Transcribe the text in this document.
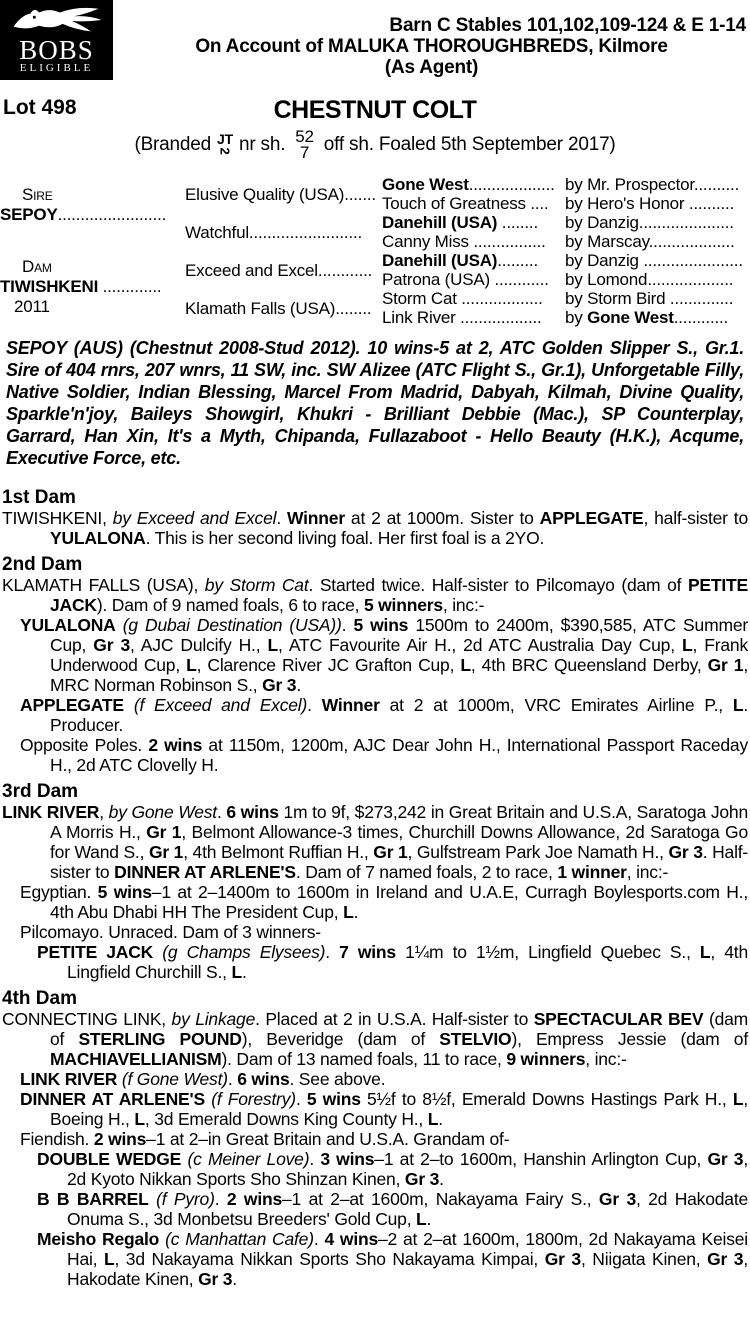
BOBS
ELIGIBLE
Barn C Stables 101,102,109-124 & E 1-14
On Account of MALUKA THOROUGHBREDS, Kilmore
(As Agent)
Lot 498	CHESTNUT COLT
(Branded JT
2 nr sh. 52
7 off sh. Foaled 5th September 2017)
Sire
SEPOY........................
Dam
TIWISHKENI .............
2011
Elusive Quality (USA) .......
Watchful .........................
Exceed and Excel ............
Klamath Falls (USA) ........
Gone West...................
Touch of Greatness ....
Danehill (USA) ........
Canny Miss ................
Danehill (USA).........
Patrona (USA) ............
Storm Cat ..................
Link River ..................
by Mr. Prospector..........
by Hero's Honor ..........
by Danzig.....................
by Marscay...................
by Danzig ......................
by Lomond...................
by Storm Bird ..............
by Gone West............

SEPOY (AUS) (Chestnut 2008-Stud 2012). 10 wins-5 at 2, ATC Golden Slipper S., Gr.1. Sire of 404 rnrs, 207 wnrs, 11 SW, inc. SW Alizee (ATC Flight S., Gr.1), Unforgetable Filly, Native Soldier, Indian Blessing, Marcel From Madrid, Dabyah, Kilmah, Divine Quality, Sparkle'n'joy, Baileys Showgirl, Khukri - Brilliant Debbie (Mac.), SP Counterplay, Garrard, Han Xin, It's a Myth, Chipanda, Fullazaboot - Hello Beauty (H.K.), Acqume, Executive Force, etc.

1st Dam

TIWISHKENI, by Exceed and Excel. Winner at 2 at 1000m. Sister to APPLEGATE, half-sister to YULALONA. This is her second living foal. Her first foal is a 2YO.

2nd Dam

KLAMATH FALLS (USA), by Storm Cat. Started twice. Half-sister to Pilcomayo (dam of PETITE JACK). Dam of 9 named foals, 6 to race, 5 winners, inc:-

YULALONA (g Dubai Destination (USA)). 5 wins 1500m to 2400m, $390,585, ATC Summer Cup, Gr 3, AJC Dulcify H., L, ATC Favourite Air H., 2d ATC Australia Day Cup, L, Frank Underwood Cup, L, Clarence River JC Grafton Cup, L, 4th BRC Queensland Derby, Gr 1, MRC Norman Robinson S., Gr 3.

APPLEGATE (f Exceed and Excel). Winner at 2 at 1000m, VRC Emirates Airline P., L. Producer.

Opposite Poles. 2 wins at 1150m, 1200m, AJC Dear John H., International Passport Raceday H., 2d ATC Clovelly H.

3rd Dam

LINK RIVER, by Gone West. 6 wins 1m to 9f, $273,242 in Great Britain and U.S.A, Saratoga John A Morris H., Gr 1, Belmont Allowance-3 times, Churchill Downs Allowance, 2d Saratoga Go for Wand S., Gr 1, 4th Belmont Ruffian H., Gr 1, Gulfstream Park Joe Namath H., Gr 3. Half-sister to DINNER AT ARLENE'S. Dam of 7 named foals, 2 to race, 1 winner, inc:-

Egyptian. 5 wins–1 at 2–1400m to 1600m in Ireland and U.A.E, Curragh Boylesports.com H., 4th Abu Dhabi HH The President Cup, L.

Pilcomayo. Unraced. Dam of 3 winners-

PETITE JACK (g Champs Elysees). 7 wins 1¼m to 1½m, Lingfield Quebec S., L, 4th Lingfield Churchill S., L.

4th Dam

CONNECTING LINK, by Linkage. Placed at 2 in U.S.A. Half-sister to SPECTACULAR BEV (dam of STERLING POUND), Beveridge (dam of STELVIO), Empress Jessie (dam of MACHIAVELLIANISM). Dam of 13 named foals, 11 to race, 9 winners, inc:-

LINK RIVER (f Gone West). 6 wins. See above.

DINNER AT ARLENE'S (f Forestry). 5 wins 5½f to 8½f, Emerald Downs Hastings Park H., L, Boeing H., L, 3d Emerald Downs King County H., L.

Fiendish. 2 wins–1 at 2–in Great Britain and U.S.A. Grandam of-

DOUBLE WEDGE (c Meiner Love). 3 wins–1 at 2–to 1600m, Hanshin Arlington Cup, Gr 3, 2d Kyoto Nikkan Sports Sho Shinzan Kinen, Gr 3.

B B BARREL (f Pyro). 2 wins–1 at 2–at 1600m, Nakayama Fairy S., Gr 3, 2d Hakodate Onuma S., 3d Monbetsu Breeders' Gold Cup, L.

Meisho Regalo (c Manhattan Cafe). 4 wins–2 at 2–at 1600m, 1800m, 2d Nakayama Keisei Hai, L, 3d Nakayama Nikkan Sports Sho Nakayama Kimpai, Gr 3, Niigata Kinen, Gr 3, Hakodate Kinen, Gr 3.
